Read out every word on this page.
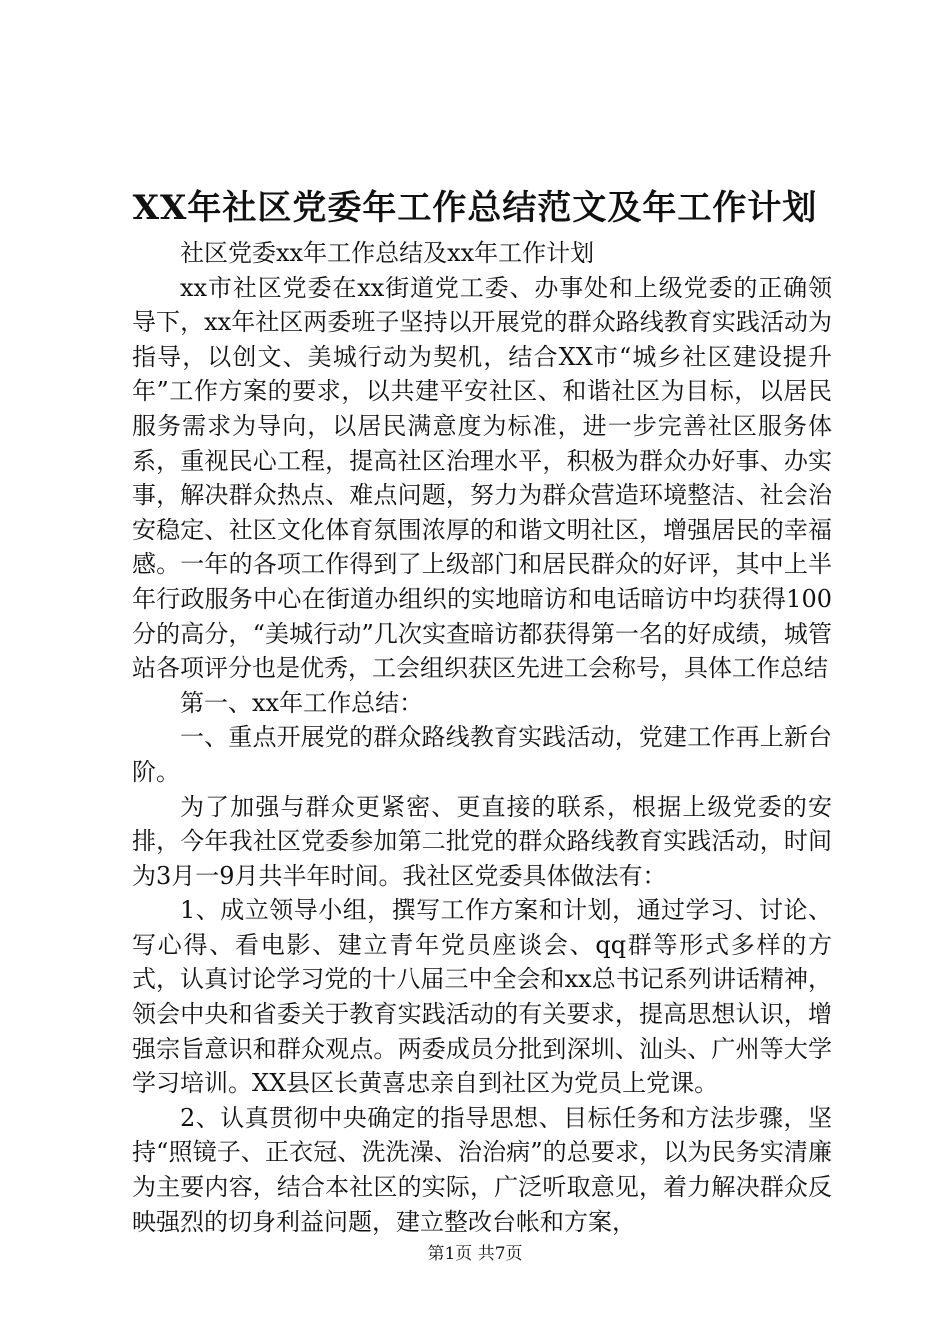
XX年社区党委年工作总结范文及年工作计划

社区党委xx年工作总结及xx年工作计划

xx市社区党委在xx街道党工委、办事处和上级党委的正确领导下，xx年社区两委班子坚持以开展党的群众路线教育实践活动为指导，以创文、美城行动为契机，结合XX市“城乡社区建设提升年”工作方案的要求，以共建平安社区、和谐社区为目标，以居民服务需求为导向，以居民满意度为标准，进一步完善社区服务体系，重视民心工程，提高社区治理水平，积极为群众办好事、办实事，解决群众热点、难点问题，努力为群众营造环境整洁、社会治安稳定、社区文化体育氛围浓厚的和谐文明社区，增强居民的幸福感。一年的各项工作得到了上级部门和居民群众的好评，其中上半年行政服务中心在街道办组织的实地暗访和电话暗访中均获得100分的高分，“美城行动”几次实查暗访都获得第一名的好成绩，城管站各项评分也是优秀，工会组织获区先进工会称号，具体工作总结

第一、xx年工作总结：

一、重点开展党的群众路线教育实践活动，党建工作再上新台阶。

为了加强与群众更紧密、更直接的联系，根据上级党委的安排，今年我社区党委参加第二批党的群众路线教育实践活动，时间为3月一9月共半年时间。我社区党委具体做法有：

1、成立领导小组，撰写工作方案和计划，通过学习、讨论、写心得、看电影、建立青年党员座谈会、qq群等形式多样的方式，认真讨论学习党的十八届三中全会和xx总书记系列讲话精神，领会中央和省委关于教育实践活动的有关要求，提高思想认识，增强宗旨意识和群众观点。两委成员分批到深圳、汕头、广州等大学学习培训。XX县区长黄喜忠亲自到社区为党员上党课。

2、认真贯彻中央确定的指导思想、目标任务和方法步骤，坚持“照镜子、正衣冠、洗洗澡、治治病”的总要求，以为民务实清廉为主要内容，结合本社区的实际，广泛听取意见，着力解决群众反映强烈的切身利益问题，建立整改台帐和方案，

第1页 共7页
